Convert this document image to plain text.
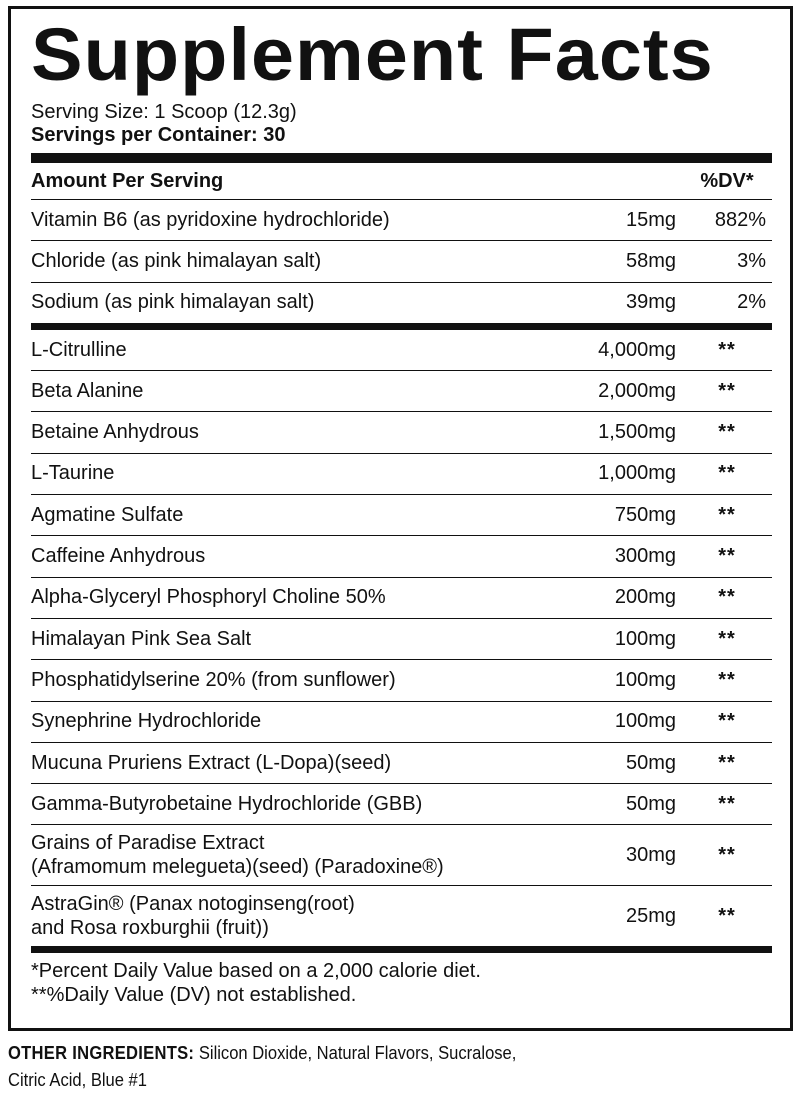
Supplement Facts
Serving Size: 1 Scoop (12.3g)
Servings per Container: 30
Amount Per Serving	%DV*
Vitamin B6 (as pyridoxine hydrochloride)	15mg	882%
Chloride (as pink himalayan salt)	58mg	3%
Sodium (as pink himalayan salt)	39mg	2%
L-Citrulline	4,000mg	**
Beta Alanine	2,000mg	**
Betaine Anhydrous	1,500mg	**
L-Taurine	1,000mg	**
Agmatine Sulfate	750mg	**
Caffeine Anhydrous	300mg	**
Alpha-Glyceryl Phosphoryl Choline 50%	200mg	**
Himalayan Pink Sea Salt	100mg	**
Phosphatidylserine 20% (from sunflower)	100mg	**
Synephrine Hydrochloride	100mg	**
Mucuna Pruriens Extract (L-Dopa)(seed)	50mg	**
Gamma-Butyrobetaine Hydrochloride (GBB)	50mg	**
Grains of Paradise Extract
(Aframomum melegueta)(seed) (Paradoxine®)
30mg	**
AstraGin® (Panax notoginseng(root)
and Rosa roxburghii (fruit))
25mg	**
*Percent Daily Value based on a 2,000 calorie diet.
**%Daily Value (DV) not established.
OTHER INGREDIENTS: Silicon Dioxide, Natural Flavors, Sucralose,
Citric Acid, Blue #1
